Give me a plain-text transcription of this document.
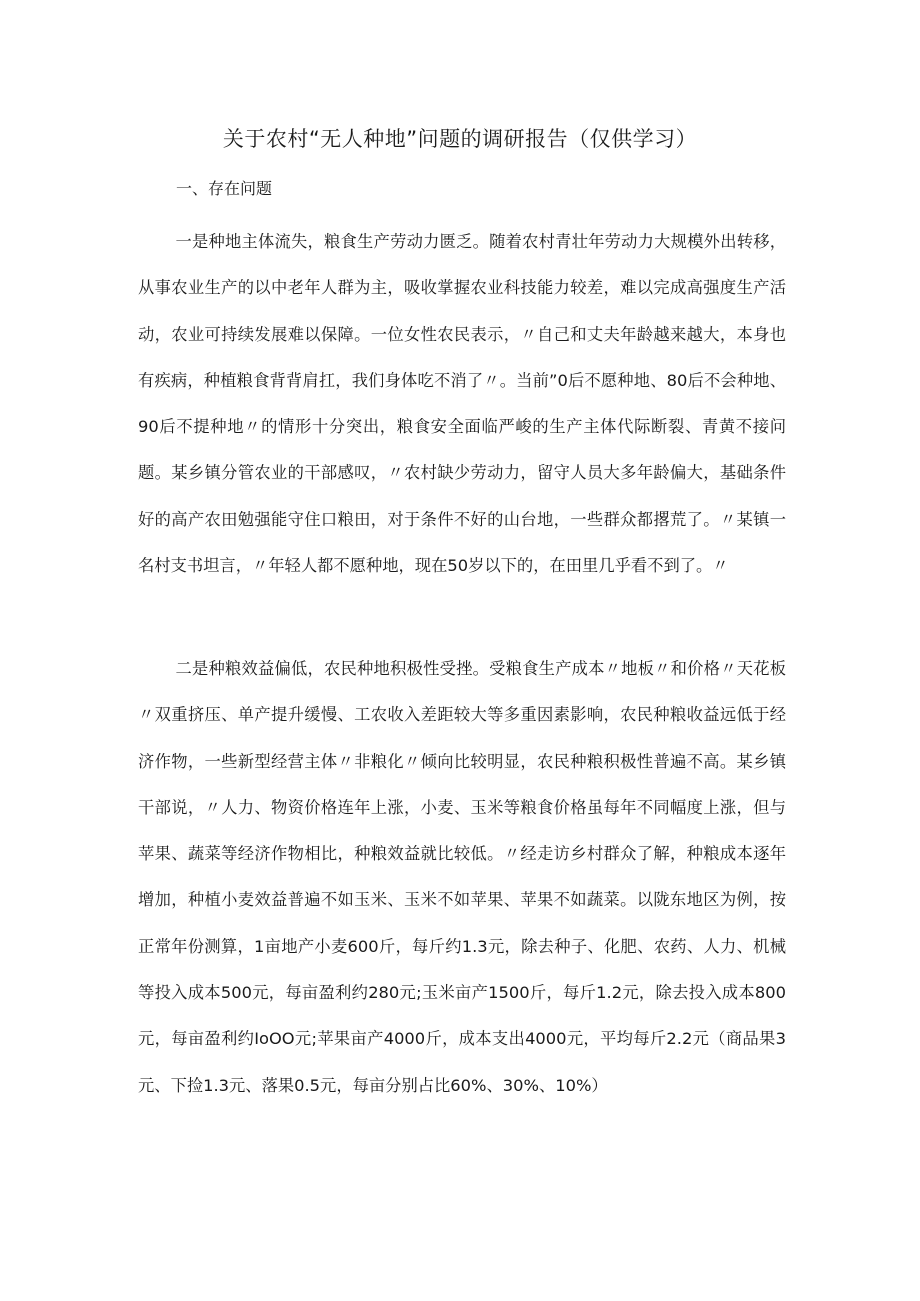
关于农村“无人种地”问题的调研报告（仅供学习）
一、存在问题

一是种地主体流失，粮食生产劳动力匮乏。随着农村青壮年劳动力大规模外出转移，从事农业生产的以中老年人群为主，吸收掌握农业科技能力较差，难以完成高强度生产活动，农业可持续发展难以保障。一位女性农民表示，〃自己和丈夫年龄越来越大，本身也有疾病，种植粮食背背肩扛，我们身体吃不消了〃。当前”0后不愿种地、80后不会种地、90后不提种地〃的情形十分突出，粮食安全面临严峻的生产主体代际断裂、青黄不接问题。某乡镇分管农业的干部感叹，〃农村缺少劳动力，留守人员大多年龄偏大，基础条件好的高产农田勉强能守住口粮田，对于条件不好的山台地，一些群众都撂荒了。〃某镇一名村支书坦言，〃年轻人都不愿种地，现在50岁以下的，在田里几乎看不到了。〃

二是种粮效益偏低，农民种地积极性受挫。受粮食生产成本〃地板〃和价格〃天花板〃双重挤压、单产提升缓慢、工农收入差距较大等多重因素影响，农民种粮收益远低于经济作物，一些新型经营主体〃非粮化〃倾向比较明显，农民种粮积极性普遍不高。某乡镇干部说，〃人力、物资价格连年上涨，小麦、玉米等粮食价格虽每年不同幅度上涨，但与苹果、蔬菜等经济作物相比，种粮效益就比较低。〃经走访乡村群众了解，种粮成本逐年增加，种植小麦效益普遍不如玉米、玉米不如苹果、苹果不如蔬菜。以陇东地区为例，按正常年份测算，1亩地产小麦600斤，每斤约1.3元，除去种子、化肥、农药、人力、机械等投入成本500元，每亩盈利约280元;玉米亩产1500斤，每斤1.2元，除去投入成本800元，每亩盈利约IoOO元;苹果亩产4000斤，成本支出4000元，平均每斤2.2元（商品果3元、下捡1.3元、落果0.5元，每亩分别占比60%、30%、10%）
